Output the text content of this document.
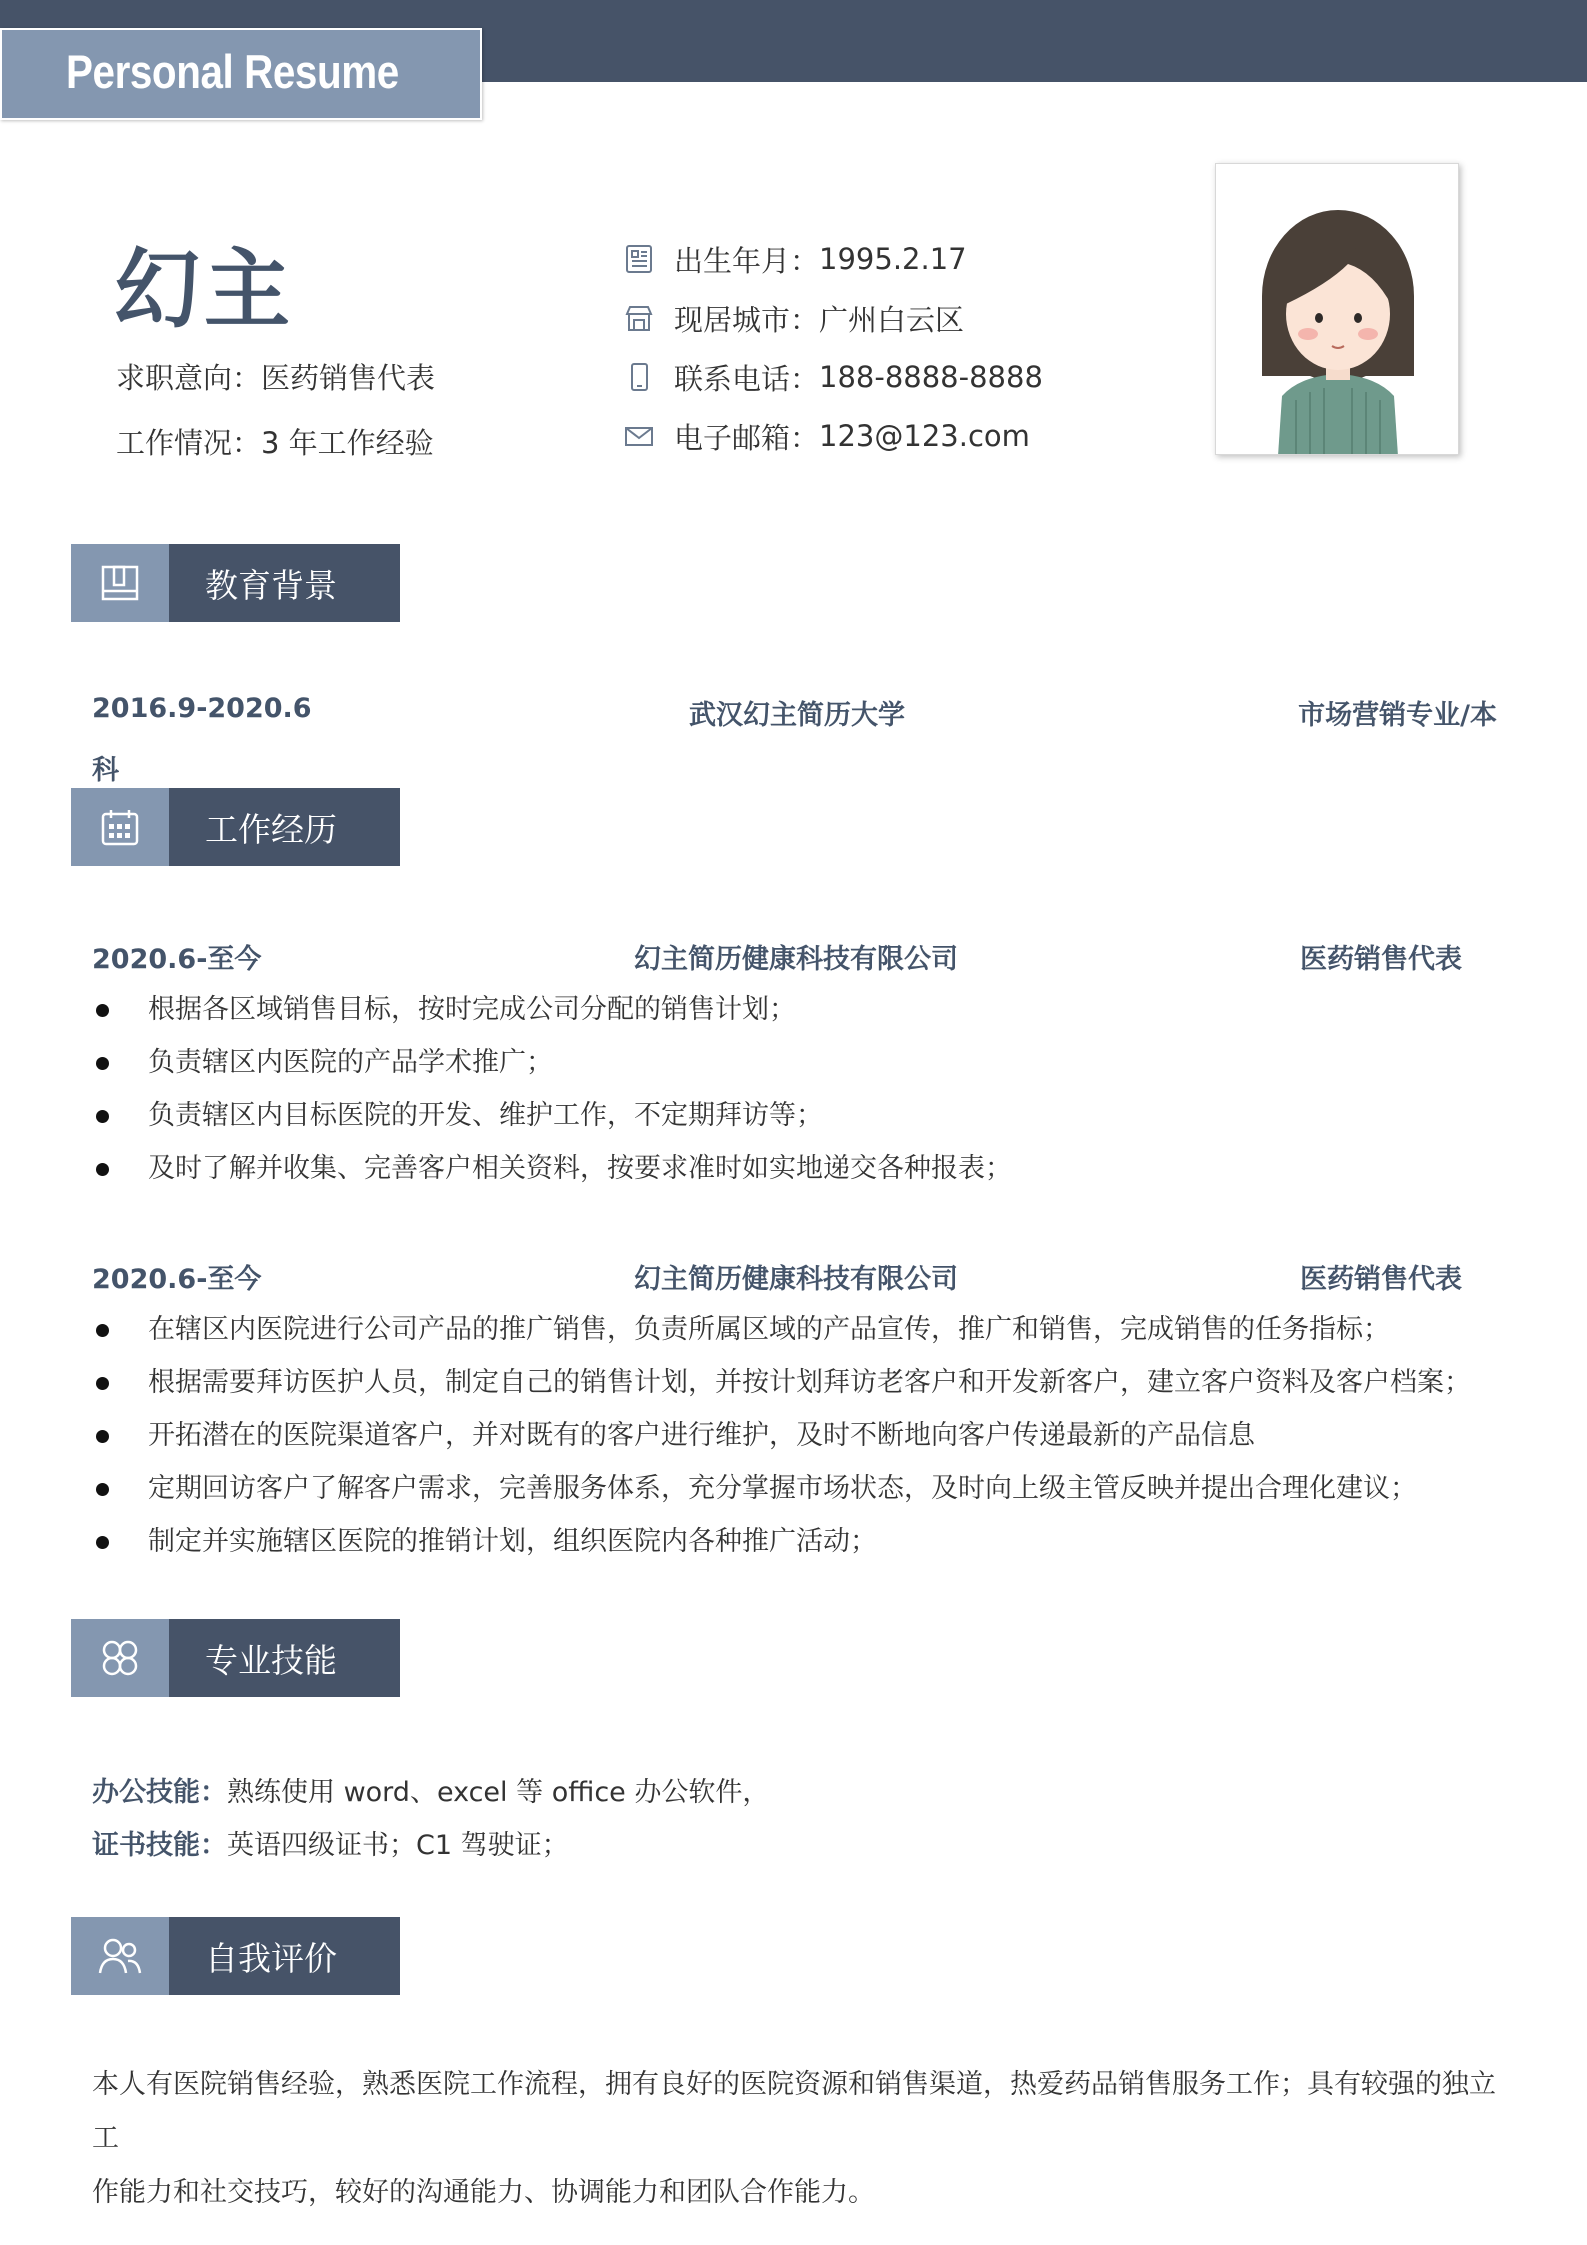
Personal Resume
幻主
求职意向：医药销售代表
工作情况：3 年工作经验
出生年月： 1995.2.17
现居城市： 广州白云区
联系电话： 188-8888-8888
电子邮箱： 123@123.com
教育背景
2016.9-2020.6	武汉幻主简历大学	市场营销专业/本
科
工作经历
2020.6-至今	幻主简历健康科技有限公司	医药销售代表
根据各区域销售目标，按时完成公司分配的销售计划；
负责辖区内医院的产品学术推广；
负责辖区内目标医院的开发、维护工作，不定期拜访等；
及时了解并收集、完善客户相关资料，按要求准时如实地递交各种报表；
2020.6-至今	幻主简历健康科技有限公司	医药销售代表
在辖区内医院进行公司产品的推广销售，负责所属区域的产品宣传，推广和销售，完成销售的任务指标；
根据需要拜访医护人员，制定自己的销售计划，并按计划拜访老客户和开发新客户，建立客户资料及客户档案；
开拓潜在的医院渠道客户，并对既有的客户进行维护，及时不断地向客户传递最新的产品信息
定期回访客户了解客户需求，完善服务体系，充分掌握市场状态，及时向上级主管反映并提出合理化建议；
制定并实施辖区医院的推销计划，组织医院内各种推广活动；
专业技能
办公技能：熟练使用 word、excel 等 office 办公软件，
证书技能：英语四级证书；C1 驾驶证；
自我评价
本人有医院销售经验，熟悉医院工作流程，拥有良好的医院资源和销售渠道，热爱药品销售服务工作；具有较强的独立工
作能力和社交技巧，较好的沟通能力、协调能力和团队合作能力。
